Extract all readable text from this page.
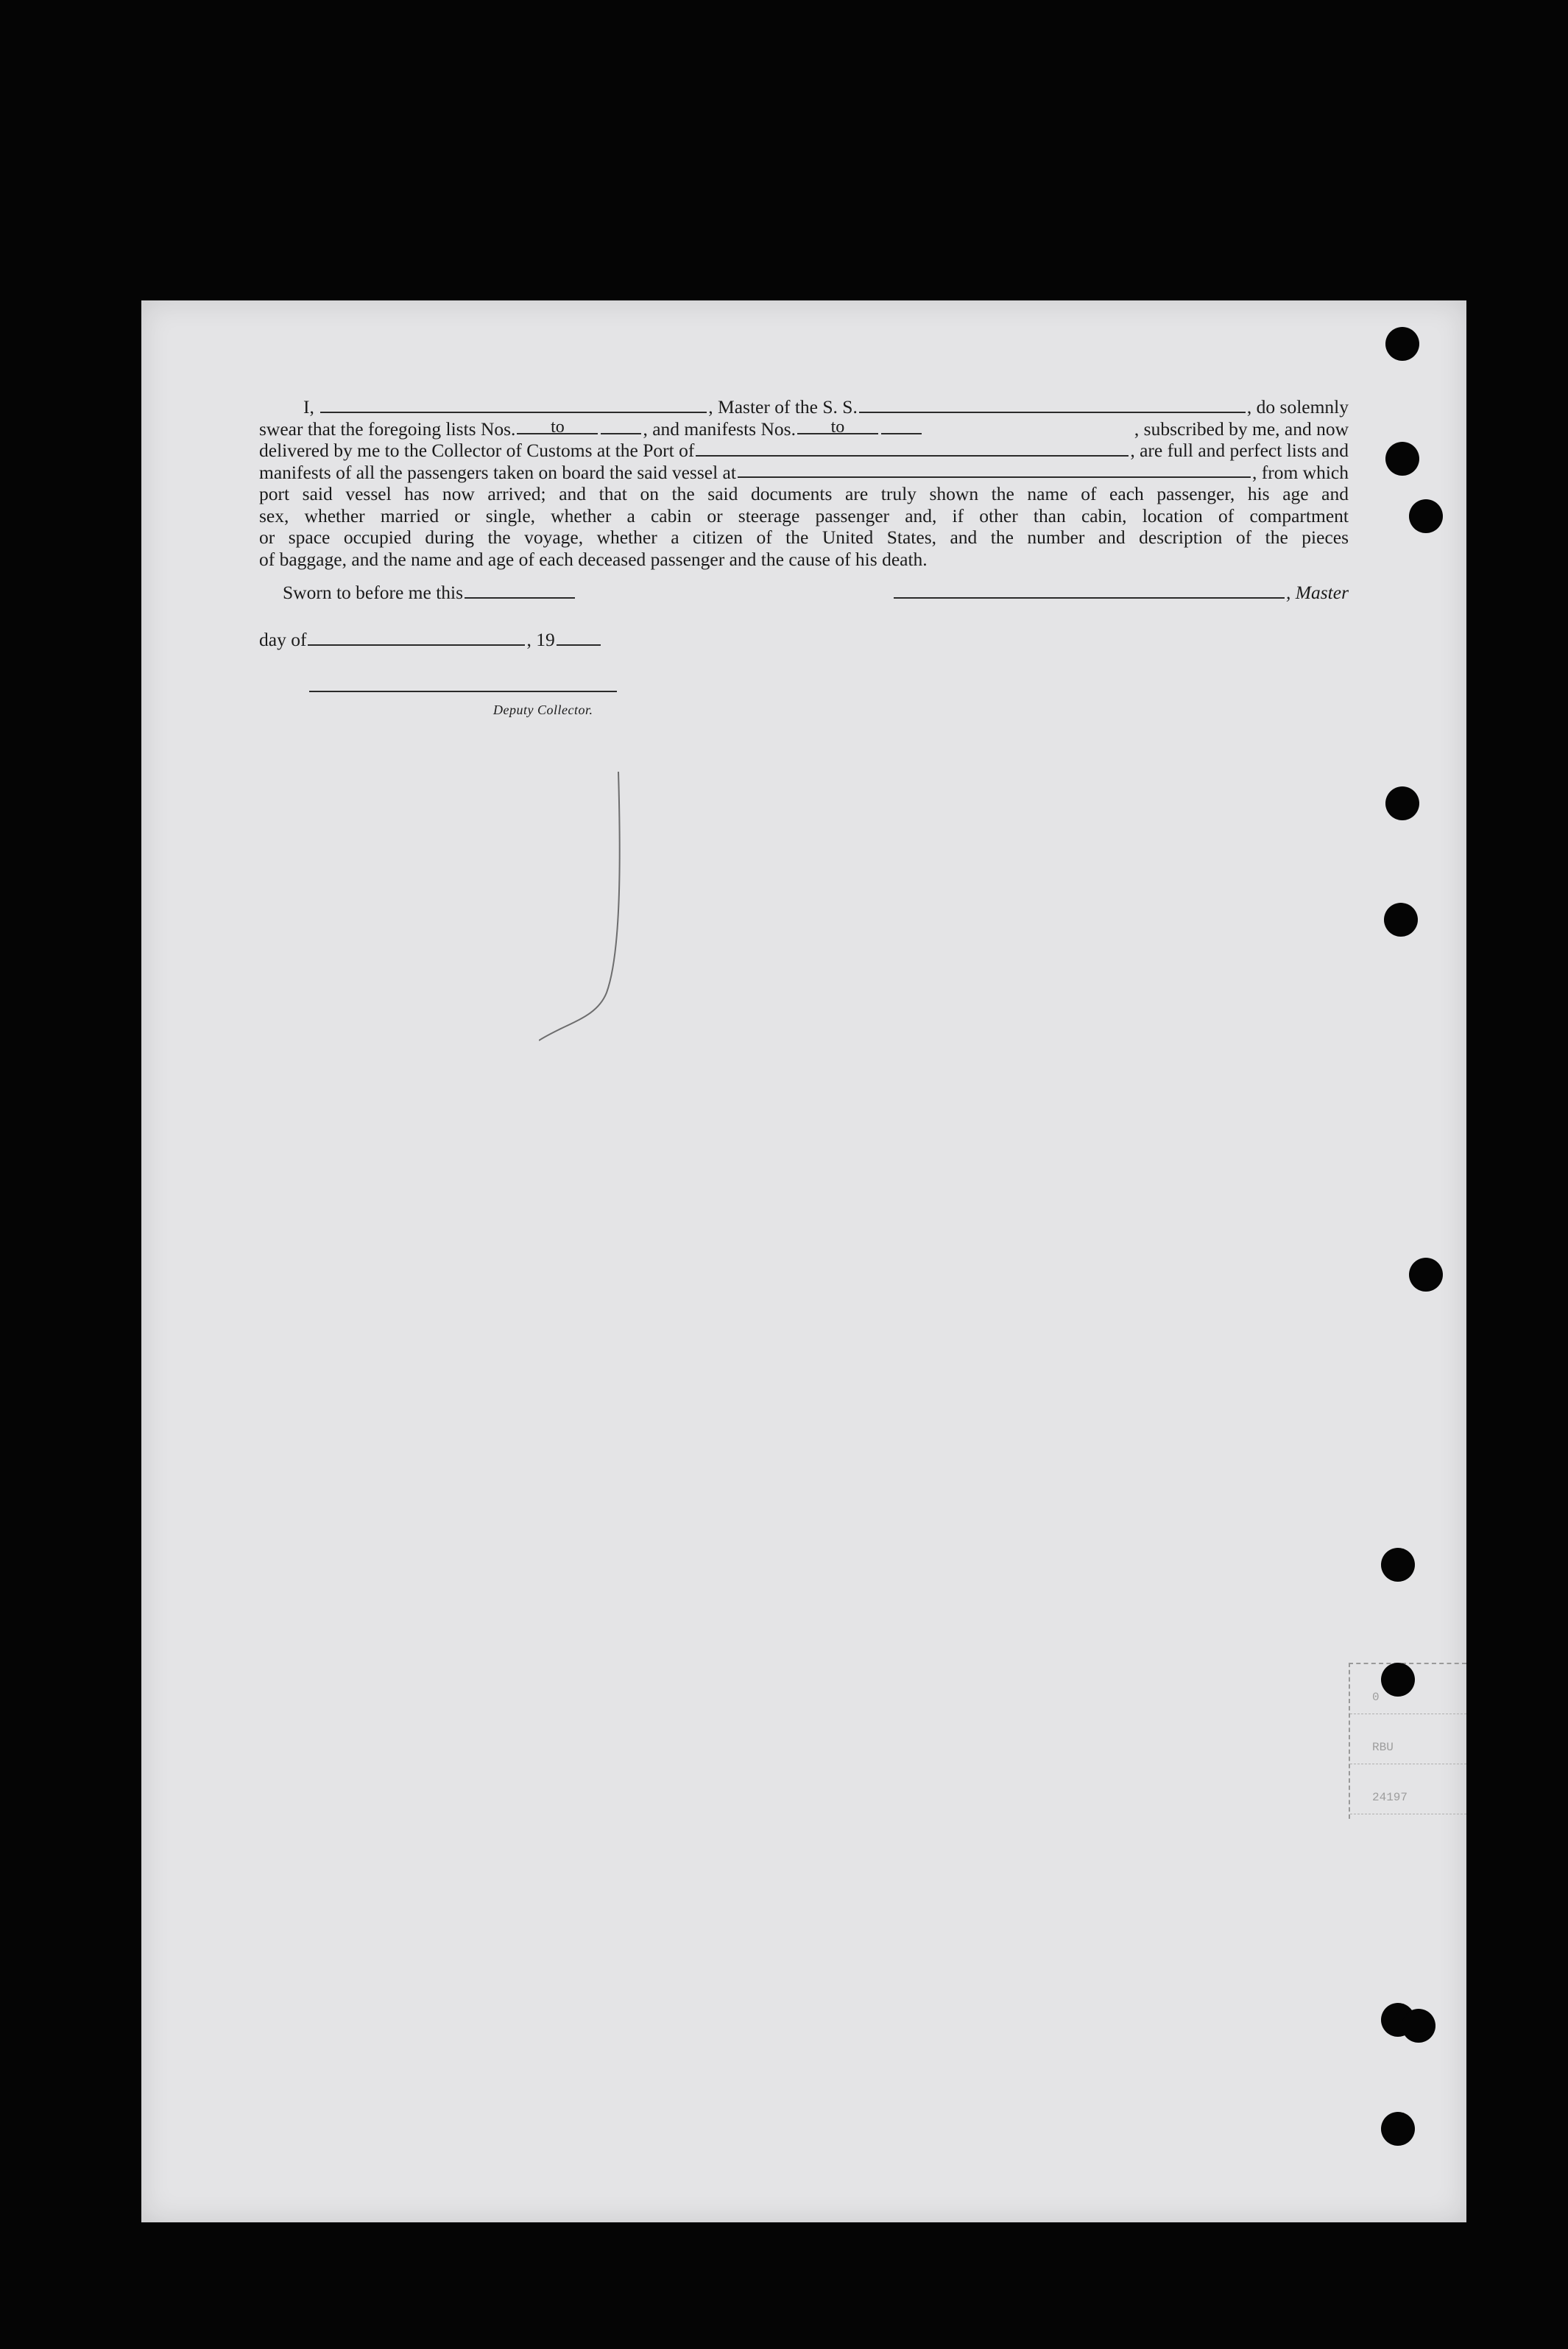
I,	, Master of the S. S.	, do solemnly
swear that the foregoing lists Nos. to	, and manifests Nos. to	, subscribed by me, and now
delivered by me to the Collector of Customs at the Port of	, are full and perfect lists and
manifests of all the passengers taken on board the said vessel at	, from which
port said vessel has now arrived; and that on the said documents are truly shown the name of each passenger, his age and
sex, whether married or single, whether a cabin or steerage passenger and, if other than cabin, location of compartment
or space occupied during the voyage, whether a citizen of the United States, and the number and description of the pieces
of baggage, and the name and age of each deceased passenger and the cause of his death.
Sworn to before me this	, Master
day of	, 19
Deputy Collector.
0
RBU
24197
